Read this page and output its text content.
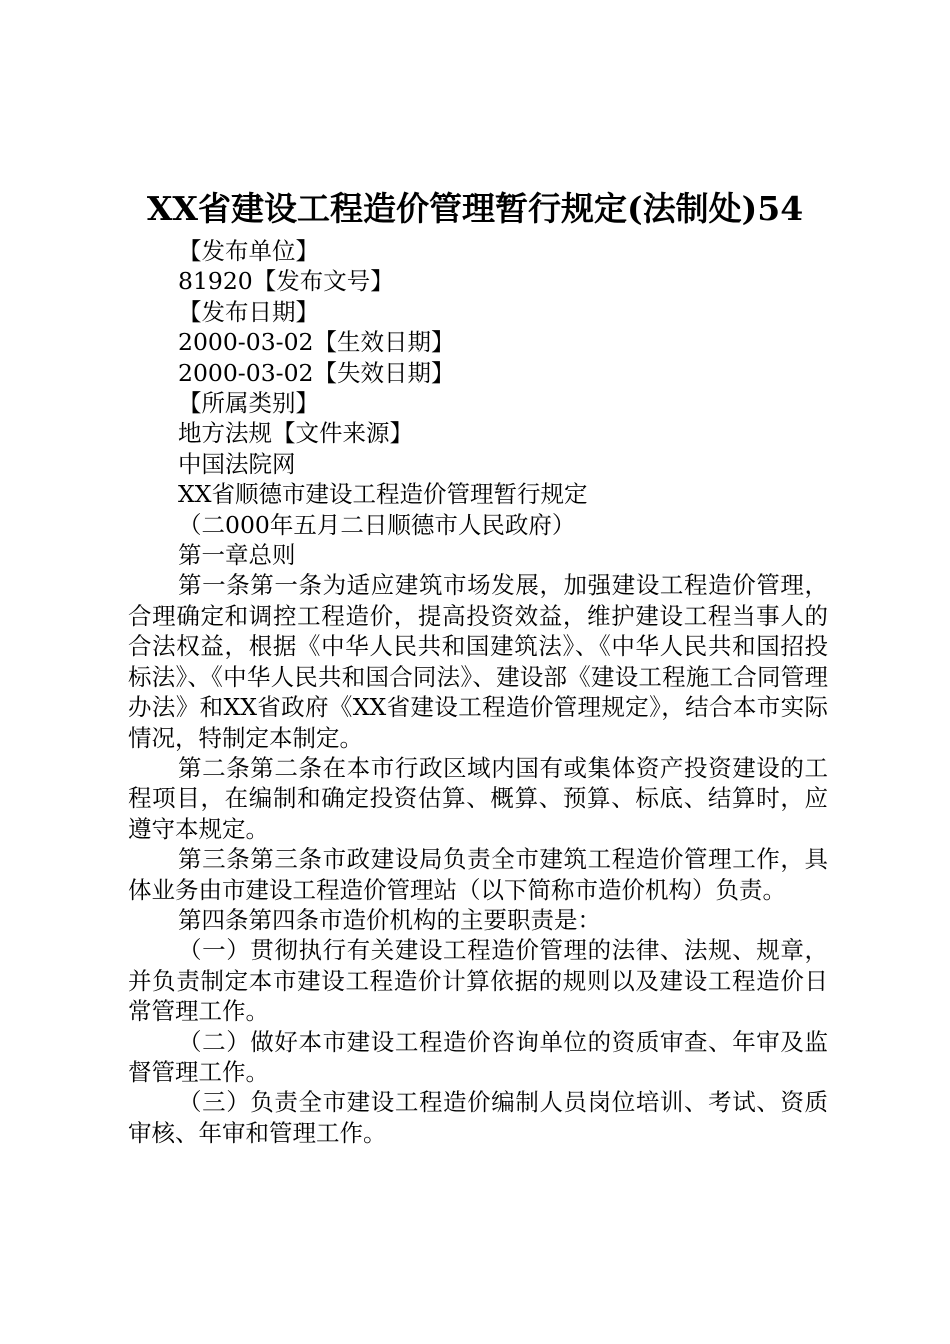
XX省建设工程造价管理暂行规定(法制处)54
【发布单位】
81920【发布文号】
【发布日期】
2000-03-02【生效日期】
2000-03-02【失效日期】
【所属类别】
地方法规【文件来源】
中国法院网
XX省顺德市建设工程造价管理暂行规定
（二000年五月二日顺德市人民政府）
第一章总则
第一条第一条为适应建筑市场发展，加强建设工程造价管理，合理确定和调控工程造价，提高投资效益，维护建设工程当事人的合法权益，根据《中华人民共和国建筑法》、《中华人民共和国招投标法》、《中华人民共和国合同法》、建设部《建设工程施工合同管理办法》和XX省政府《XX省建设工程造价管理规定》，结合本市实际情况，特制定本制定。
第二条第二条在本市行政区域内国有或集体资产投资建设的工程项目，在编制和确定投资估算、概算、预算、标底、结算时，应遵守本规定。
第三条第三条市政建设局负责全市建筑工程造价管理工作，具体业务由市建设工程造价管理站（以下简称市造价机构）负责。
第四条第四条市造价机构的主要职责是：
（一）贯彻执行有关建设工程造价管理的法律、法规、规章，并负责制定本市建设工程造价计算依据的规则以及建设工程造价日常管理工作。
（二）做好本市建设工程造价咨询单位的资质审查、年审及监督管理工作。
（三）负责全市建设工程造价编制人员岗位培训、考试、资质审核、年审和管理工作。
